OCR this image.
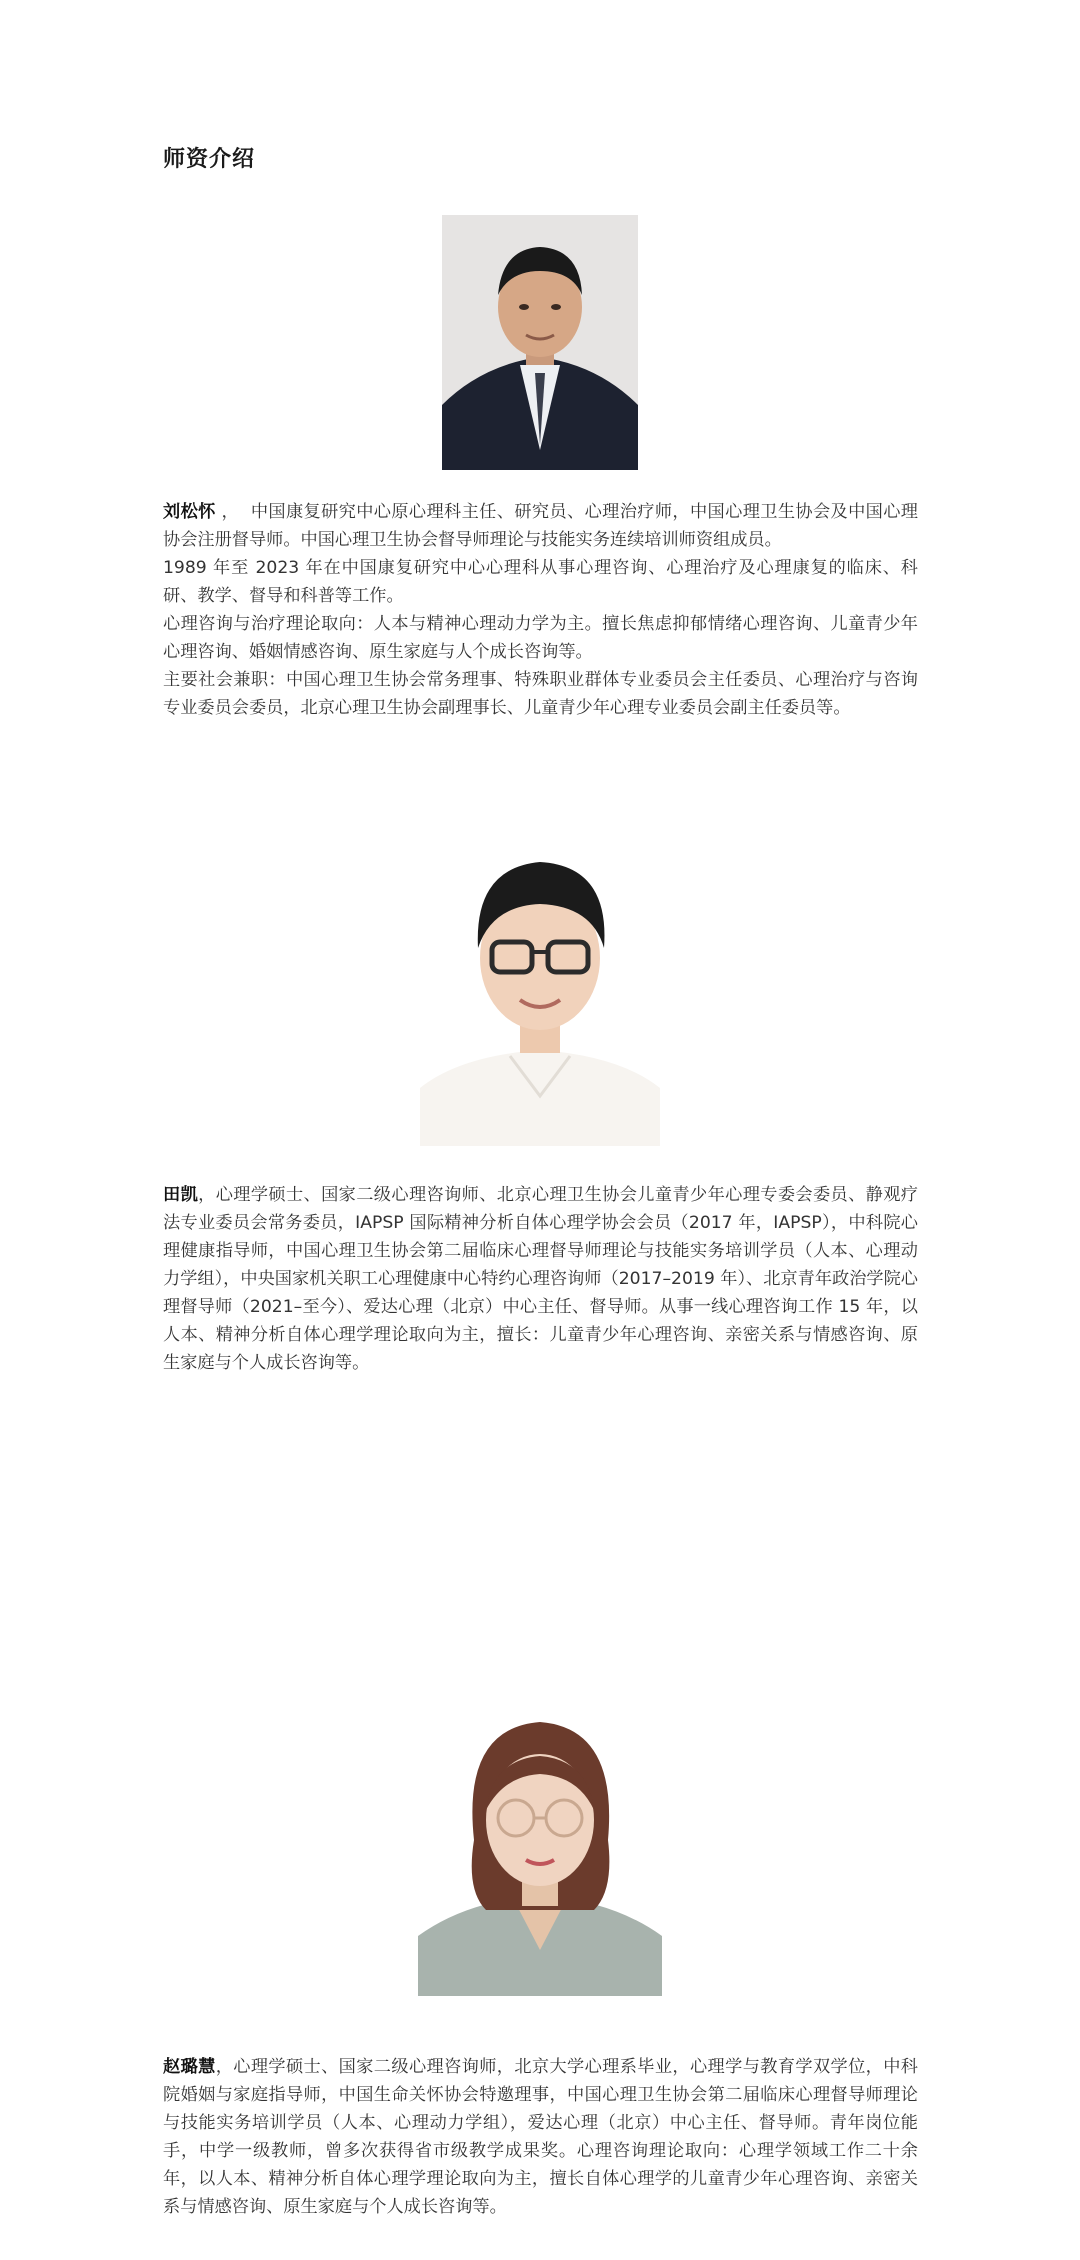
师资介绍

刘松怀 ，  中国康复研究中心原心理科主任、研究员、心理治疗师，中国心理卫生协会及中国心理协会注册督导师。中国心理卫生协会督导师理论与技能实务连续培训师资组成员。

1989 年至 2023 年在中国康复研究中心心理科从事心理咨询、心理治疗及心理康复的临床、科研、教学、督导和科普等工作。

心理咨询与治疗理论取向：人本与精神心理动力学为主。擅长焦虑抑郁情绪心理咨询、儿童青少年心理咨询、婚姻情感咨询、原生家庭与人个成长咨询等。

主要社会兼职：中国心理卫生协会常务理事、特殊职业群体专业委员会主任委员、心理治疗与咨询专业委员会委员，北京心理卫生协会副理事长、儿童青少年心理专业委员会副主任委员等。

田凯，心理学硕士、国家二级心理咨询师、北京心理卫生协会儿童青少年心理专委会委员、静观疗法专业委员会常务委员，IAPSP 国际精神分析自体心理学协会会员（2017 年，IAPSP），中科院心理健康指导师，中国心理卫生协会第二届临床心理督导师理论与技能实务培训学员（人本、心理动力学组），中央国家机关职工心理健康中心特约心理咨询师（2017–2019 年）、北京青年政治学院心理督导师（2021–至今）、爱达心理（北京）中心主任、督导师。从事一线心理咨询工作 15 年，以人本、精神分析自体心理学理论取向为主，擅长：儿童青少年心理咨询、亲密关系与情感咨询、原生家庭与个人成长咨询等。

赵璐慧，心理学硕士、国家二级心理咨询师，北京大学心理系毕业，心理学与教育学双学位，中科院婚姻与家庭指导师，中国生命关怀协会特邀理事，中国心理卫生协会第二届临床心理督导师理论与技能实务培训学员（人本、心理动力学组），爱达心理（北京）中心主任、督导师。青年岗位能手，中学一级教师，曾多次获得省市级教学成果奖。心理咨询理论取向：心理学领域工作二十余年，以人本、精神分析自体心理学理论取向为主，擅长自体心理学的儿童青少年心理咨询、亲密关系与情感咨询、原生家庭与个人成长咨询等。
